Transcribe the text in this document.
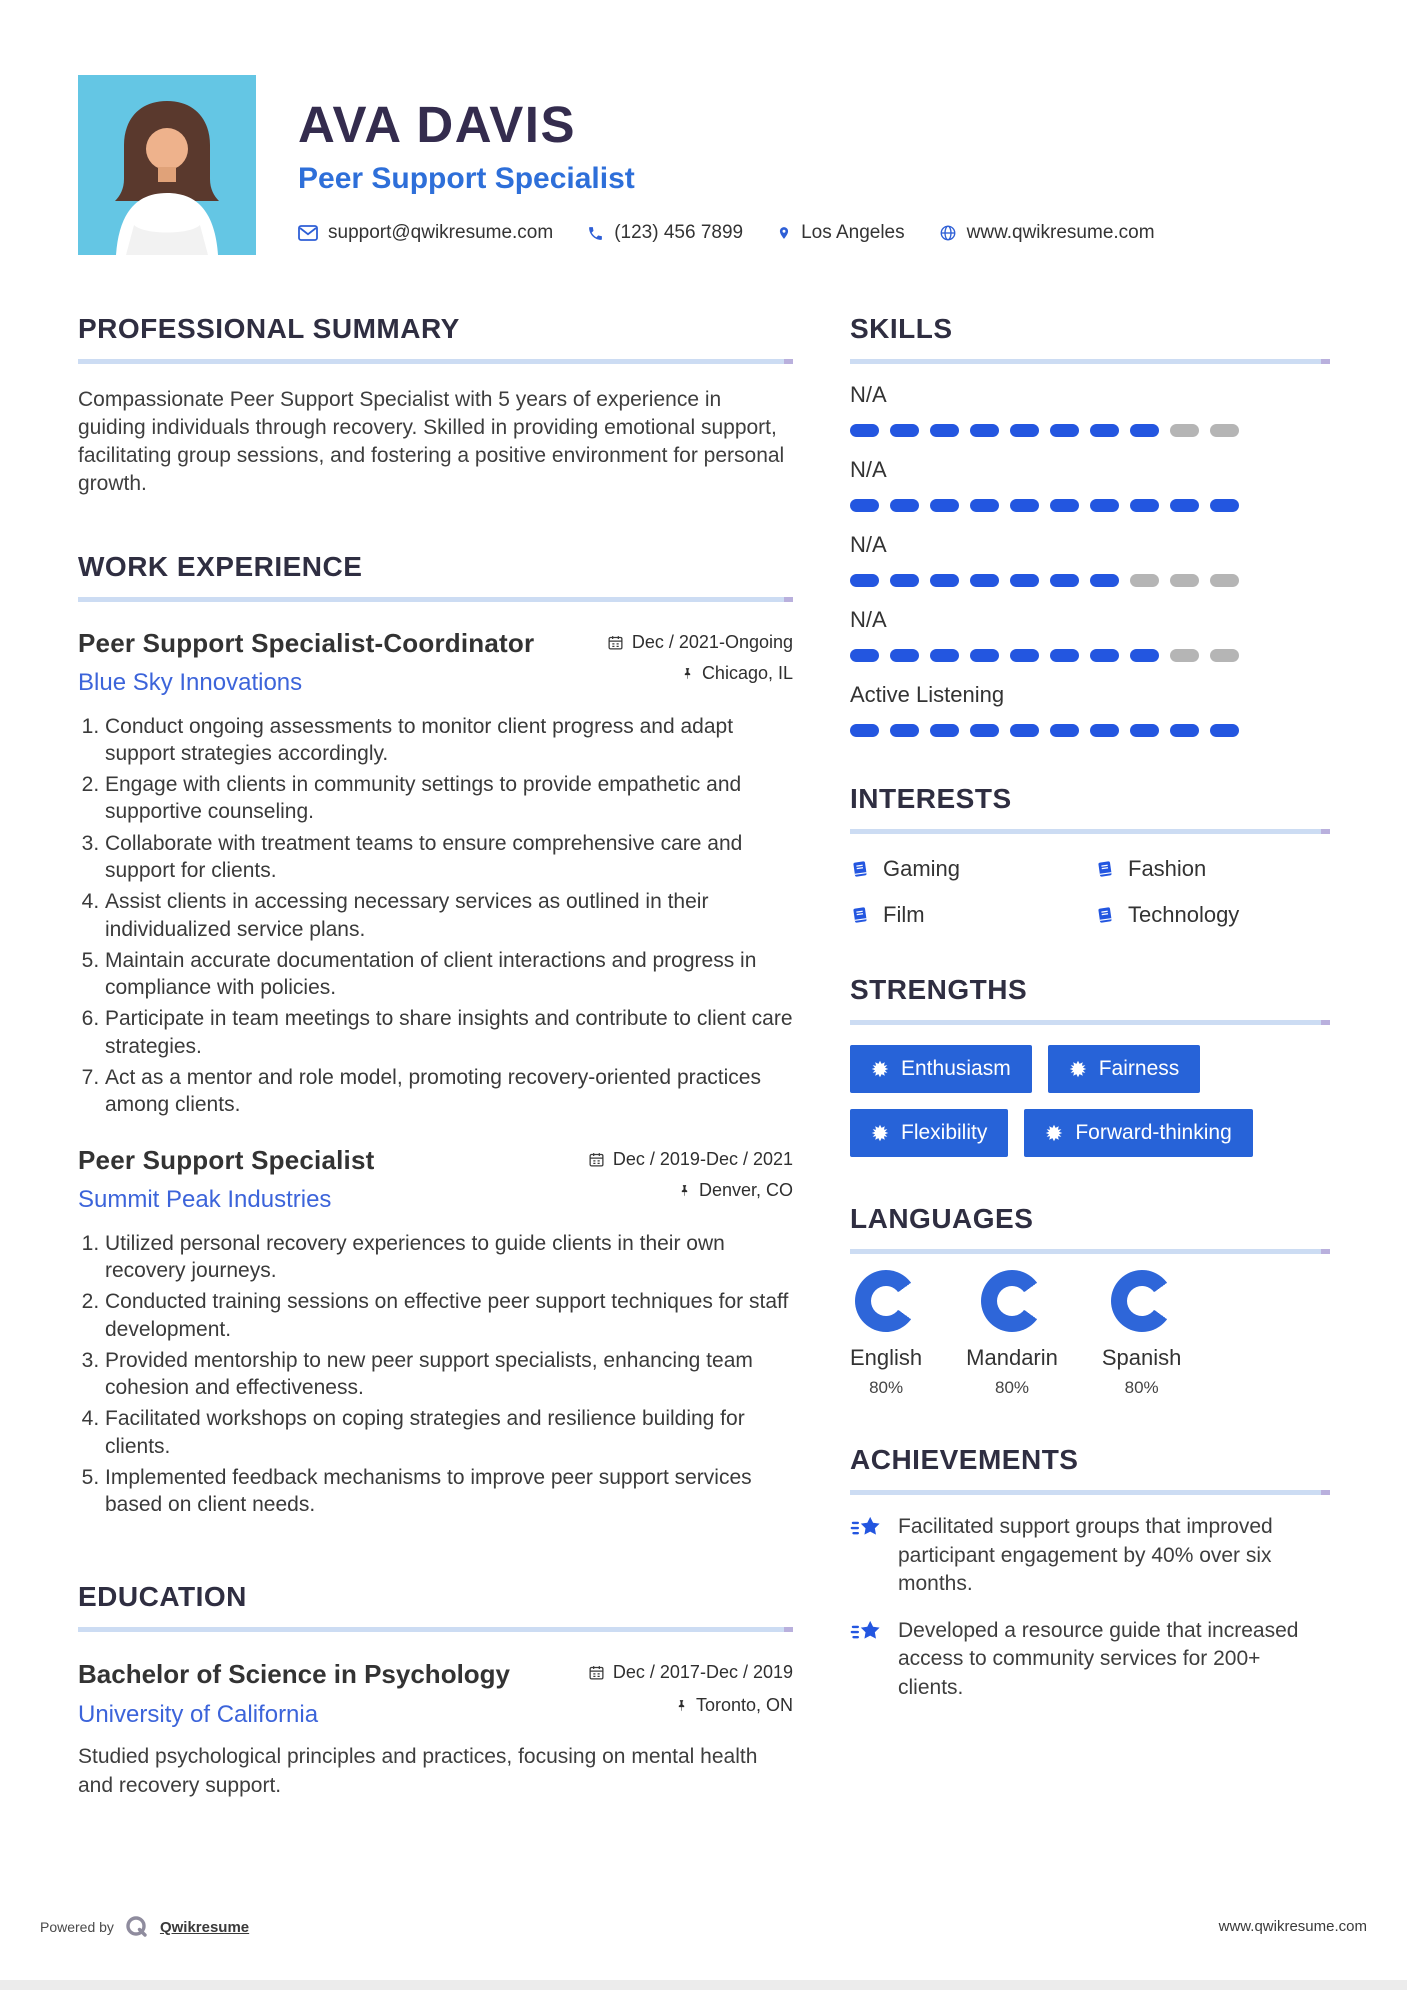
AVA DAVIS
Peer Support Specialist
support@qwikresume.com	(123) 456 7899	Los Angeles	www.qwikresume.com
PROFESSIONAL SUMMARY

Compassionate Peer Support Specialist with 5 years of experience in guiding individuals through recovery. Skilled in providing emotional support, facilitating group sessions, and fostering a positive environment for personal growth.

WORK EXPERIENCE
Peer Support Specialist-Coordinator	Dec / 2021-Ongoing
Blue Sky Innovations	Chicago, IL
1. Conduct ongoing assessments to monitor client progress and adapt support strategies accordingly.
2. Engage with clients in community settings to provide empathetic and supportive counseling.
3. Collaborate with treatment teams to ensure comprehensive care and support for clients.
4. Assist clients in accessing necessary services as outlined in their individualized service plans.
5. Maintain accurate documentation of client interactions and progress in compliance with policies.
6. Participate in team meetings to share insights and contribute to client care strategies.
7. Act as a mentor and role model, promoting recovery-oriented practices among clients.
Peer Support Specialist	Dec / 2019-Dec / 2021
Summit Peak Industries	Denver, CO
1. Utilized personal recovery experiences to guide clients in their own recovery journeys.
2. Conducted training sessions on effective peer support techniques for staff development.
3. Provided mentorship to new peer support specialists, enhancing team cohesion and effectiveness.
4. Facilitated workshops on coping strategies and resilience building for clients.
5. Implemented feedback mechanisms to improve peer support services based on client needs.
EDUCATION
Bachelor of Science in Psychology	Dec / 2017-Dec / 2019
University of California	Toronto, ON

Studied psychological principles and practices, focusing on mental health and recovery support.

SKILLS
N/A
N/A
N/A
N/A
Active Listening
INTERESTS
Gaming	Fashion
Film	Technology
STRENGTHS
Enthusiasm	Fairness
Flexibility	Forward-thinking
LANGUAGES
English
80%
Mandarin
80%
Spanish
80%
ACHIEVEMENTS

Facilitated support groups that improved participant engagement by 40% over six months.

Developed a resource guide that increased access to community services for 200+ clients.

Powered by	Qwikresume	www.qwikresume.com
